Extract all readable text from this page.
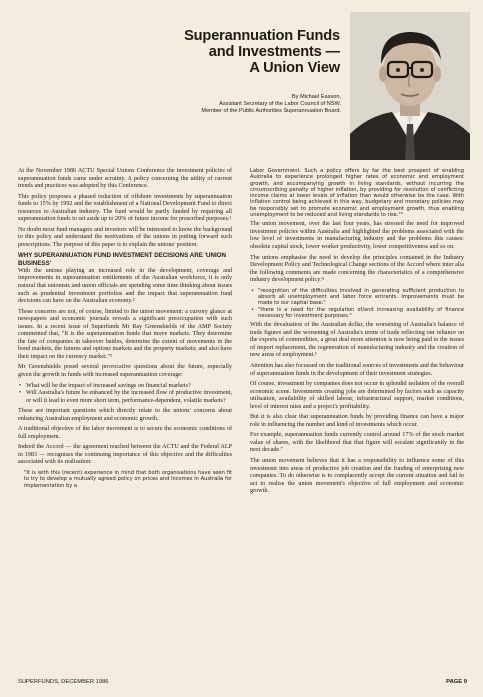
Superannuation Funds
and Investments —
A Union View
By Michael Easson,
Assistant Secretary of the Labor Council of NSW.
Member of the Public Authorities Superannuation Board.

At the November 1986 ACTU Special Unions Conference the investment policies of superannuation funds came under scrutiny. A policy concerning the utility of current trends and practices was adopted by this Conference.

This policy proposes a phased reduction of offshore investments by superannuation funds to 15% by 1992 and the establishment of a National Development Fund to direct resources to Australian industry. The fund would be partly funded by requiring all superannuation funds to set aside up to 20% of future income for prescribed purposes.¹

No doubt most fund managers and investors will be interested to know the background to this policy and understand the motivations of the unions in putting forward such prescriptions. The purpose of this paper is to explain the unions' position.

WHY SUPERANNUATION FUND INVESTMENT DECISIONS ARE 'UNION BUSINESS'

With the unions playing an increased role in the development, coverage and improvements in superannuation entitlements of the Australian workforce, it is only natural that unionists and union officials are spending some time thinking about issues such as prudential investment portfolios and the impact that superannuation fund decisions can have on the Australian economy.²

Those concerns are not, of course, limited to the union movement: a cursory glance at newspapers and economic journals reveals a significant preoccupation with such issues. In a recent issue of Superfunds Mr Ray Greenshields of the AMP Society commented that, "It is the superannuation funds that move markets. They determine the fate of companies in takeover battles, determine the extent of movements in the bond markets, the futures and options markets and the property markets; and also have their impact on the currency market."³

Mr Greenshields posed several provocative questions about the future, especially given the growth in funds with increased superannuation coverage:

• What will be the impact of increased savings on financial markets?
• Will Australia's future be enhanced by the increased flow of productive investment, or will it lead to even more short term, performance-dependent, volatile markets?

These are important questions which directly relate to the unions' concerns about enhancing Australian employment and economic growth.

A traditional objective of the labor movement is to secure the economic conditions of full employment.

Indeed the Accord — the agreement reached between the ACTU and the Federal ALP in 1983 — recognises the continuing importance of this objective and the difficulties associated with its realisation:

"It is with this (recent) experience in mind that both organisations have seen fit to try to develop a mutually agreed policy on prices and incomes in Australia for implementation by a

Labor Government. Such a policy offers by far the best prospect of enabling Australia to experience prolonged higher rates of economic and employment growth, and accompanying growth in living standards, without incurring the circumscribing penalty of higher inflation, by providing for resolution of conflicting income claims at lower levels of inflation than would otherwise be the case. With inflation control being achieved in this way, budgetary and monetary policies may be responsibly set to promote economic and employment growth, thus enabling unemployment to be reduced and living standards to rise."⁴

The union movement, over the last four years, has stressed the need for improved investment policies within Australia and highlighted the problems associated with the low level of investments in manufacturing industry and the problems this causes: obsolete capital stock, lower worker productivity, lower competitiveness and so on.

The unions emphasise the need to develop the principles contained in the Industry Development Policy and Technological Change sections of the Accord where inter alia the following comments are made concerning the characteristics of a comprehensive industry development policy:⁵

• "recognition of the difficulties involved in generating sufficient production to absorb all unemployment and labor force entrants. Improvements must be made to our capital base."
• "there is a need for the regulation of/and increasing availability of finance necessary for investment purposes."

With the devaluation of the Australian dollar, the worsening of Australia's balance of trade figures and the worsening of Australia's terms of trade reflecting our reliance on the exports of commodities, a great deal more attention is now being paid to the issues of import replacement, the regeneration of manufacturing industry and the creation of new areas of employment.⁶

Attention has also focussed on the traditional sources of investments and the behaviour of superannuation funds in the development of their investment strategies.

Of course, investment by companies does not occur in splendid isolation of the overall economic scene. Investments creating jobs are determined by factors such as capacity utilisation, availability of skilled labour, infrastructural support, market conditions, level of interest rates and a project's profitability.

But it is also clear that superannuation funds by providing finance can have a major role in influencing the number and kind of investments which occur.

For example, superannuation funds currently control around 17% of the stock market value of shares, with the likelihood that that figure will escalate significantly in the next decade.⁷

The union movement believes that it has a responsibility to influence some of this investment into areas of productive job creation and the funding of enterprising new companies. To do otherwise is to complacently accept the current situation and fail to act to realise the union movement's objective of full employment and economic growth.

SUPERFUNDS, DECEMBER 1986	PAGE 9
